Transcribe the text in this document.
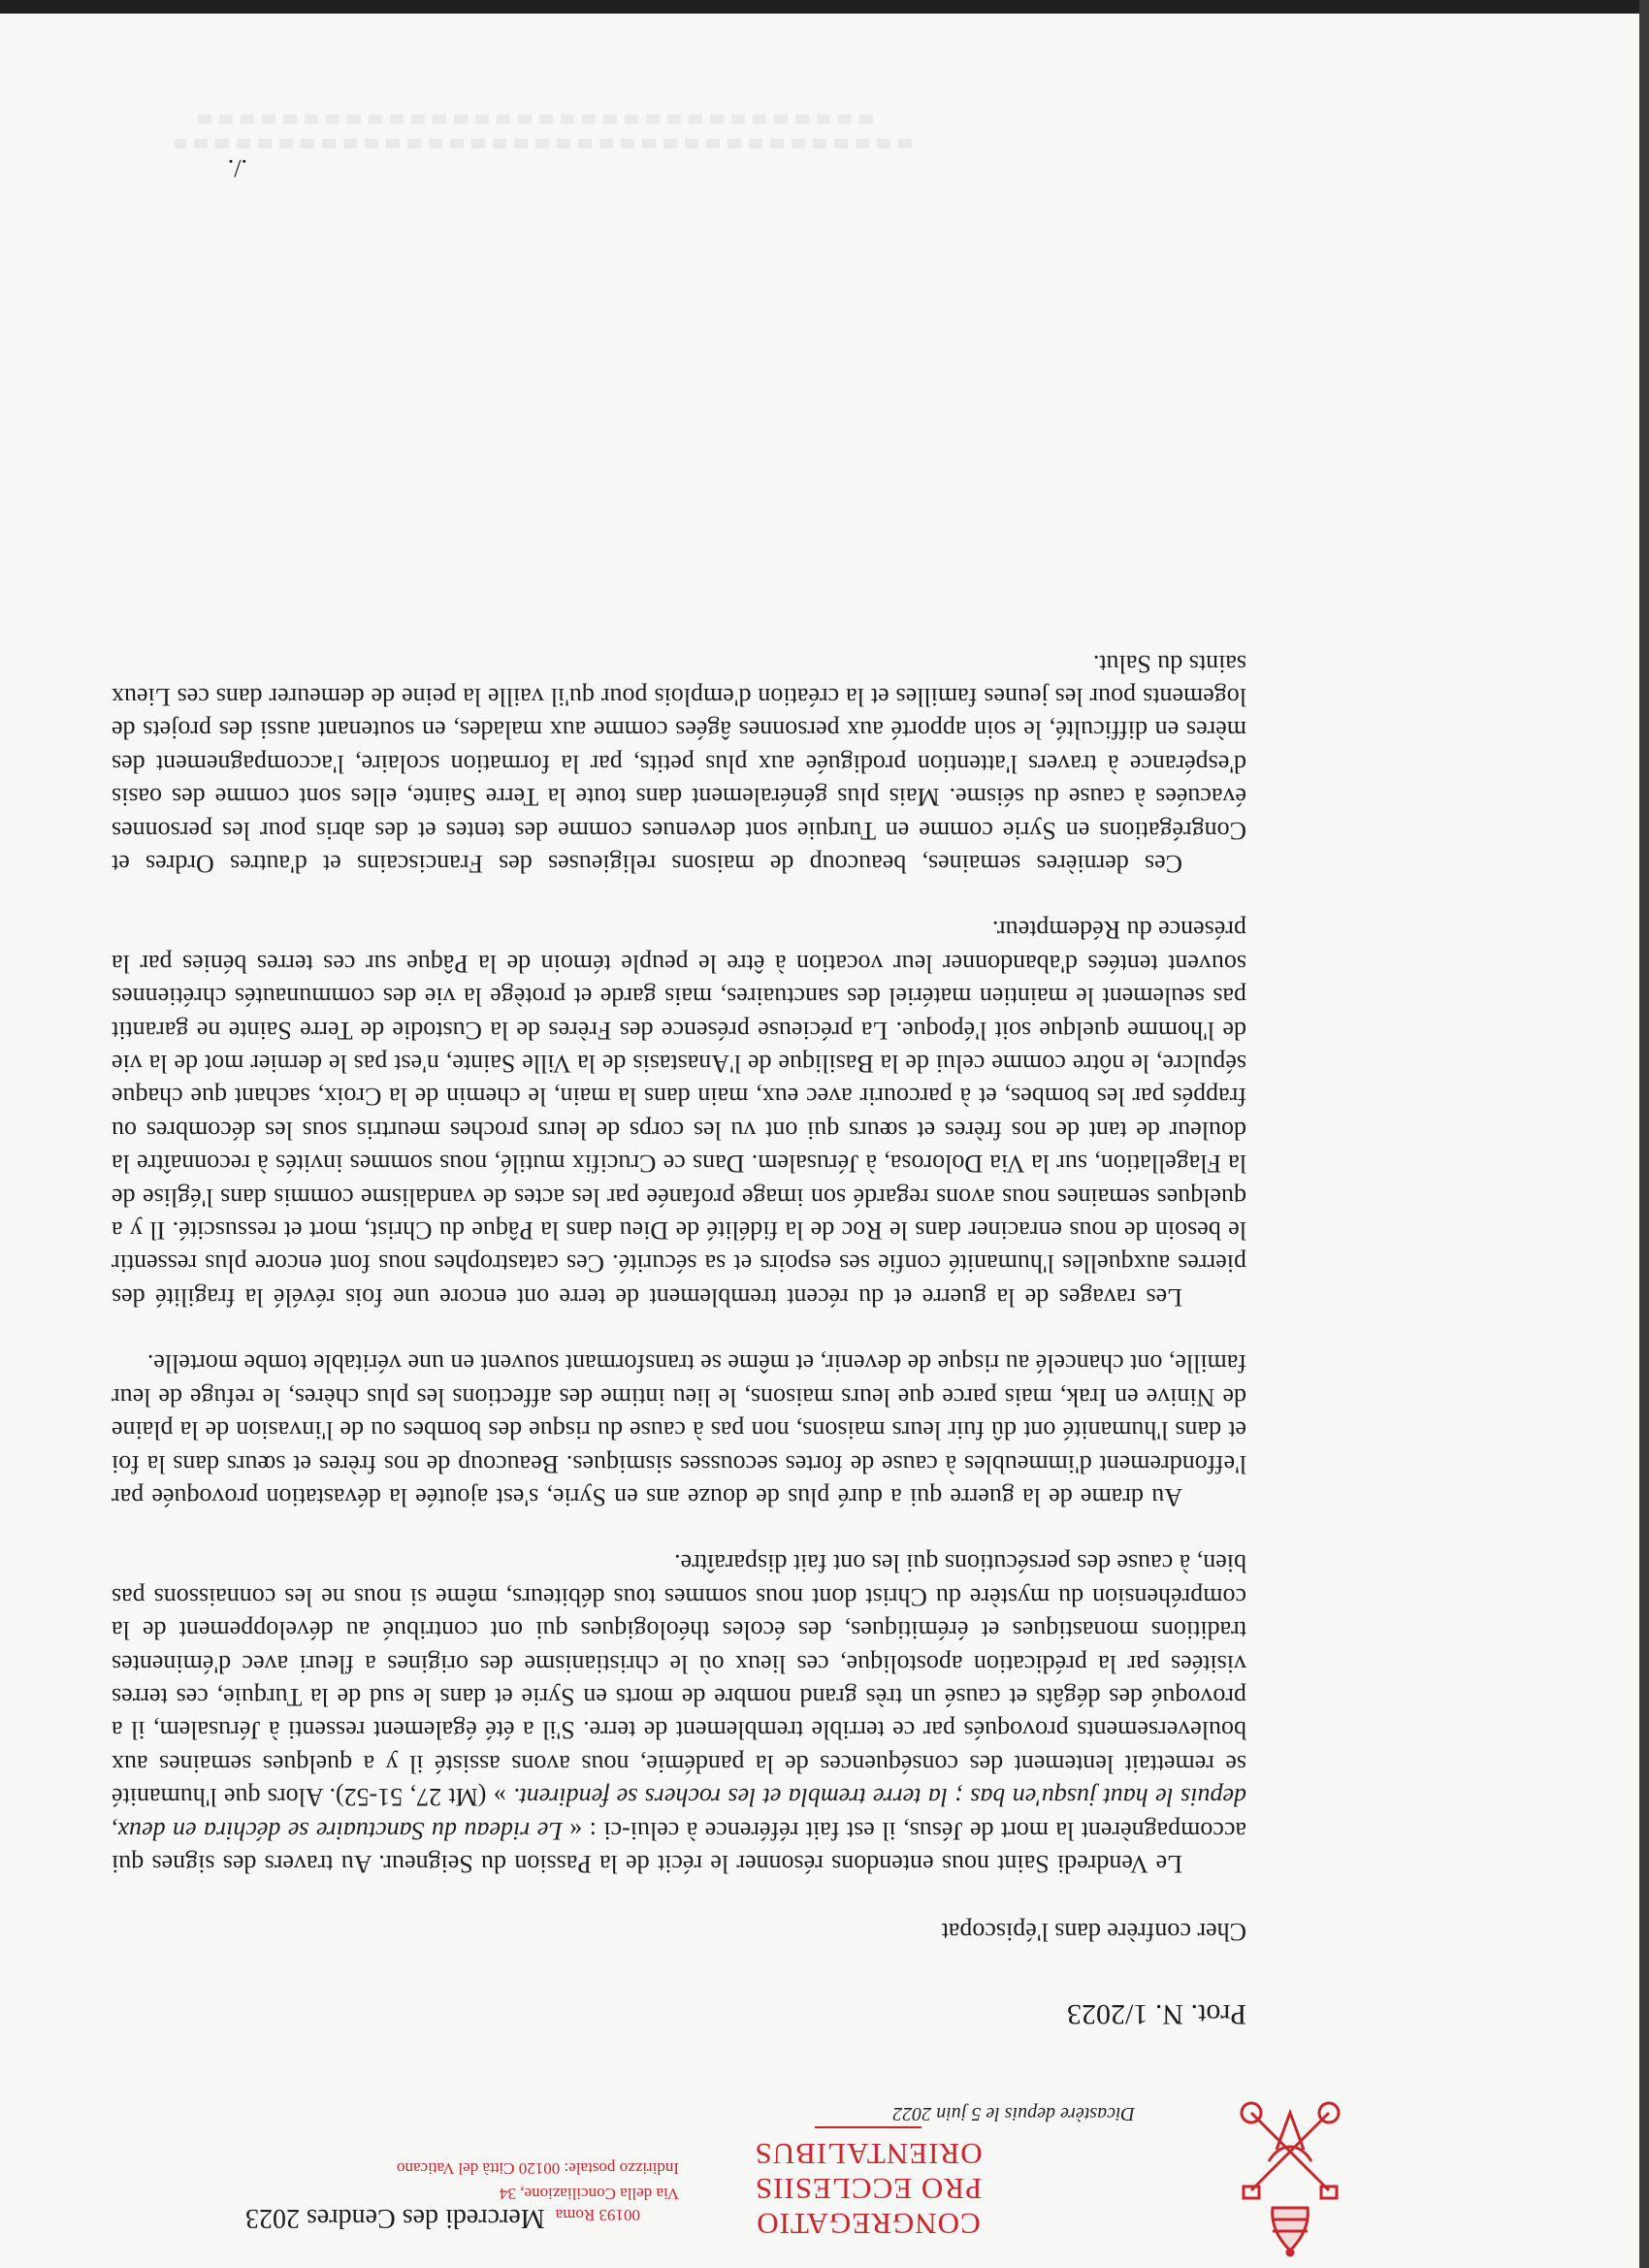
CONGREGATIO
PRO ECCLESIIS ORIENTALIBUS
Dicastère depuis le 5 juin 2022
00193 Roma Mercredi des Cendres 2023
Via della Conciliazione, 34
Indirizzo postale: 00120 Città del Vaticano
Prot. N. 1/2023
Cher confrère dans l'épiscopat

Le Vendredi Saint nous entendons résonner le récit de la Passion du Seigneur. Au travers des signes qui accompagnèrent la mort de Jésus, il est fait référence à celui-ci : « Le rideau du Sanctuaire se déchira en deux, depuis le haut jusqu'en bas ; la terre trembla et les rochers se fendirent. » (Mt 27, 51-52). Alors que l'humanité se remettait lentement des conséquences de la pandémie, nous avons assisté il y a quelques semaines aux bouleversements provoqués par ce terrible tremblement de terre. S'il a été également ressenti à Jérusalem, il a provoqué des dégâts et causé un très grand nombre de morts en Syrie et dans le sud de la Turquie, ces terres visitées par la prédication apostolique, ces lieux où le christianisme des origines a fleuri avec d'éminentes traditions monastiques et érémitiques, des écoles théologiques qui ont contribué au développement de la compréhension du mystère du Christ dont nous sommes tous débiteurs, même si nous ne les connaissons pas bien, à cause des persécutions qui les ont fait disparaître.

Au drame de la guerre qui a duré plus de douze ans en Syrie, s'est ajoutée la dévastation provoquée par l'effondrement d'immeubles à cause de fortes secousses sismiques. Beaucoup de nos frères et sœurs dans la foi et dans l'humanité ont dû fuir leurs maisons, non pas à cause du risque des bombes ou de l'invasion de la plaine de Ninive en Irak, mais parce que leurs maisons, le lieu intime des affections les plus chères, le refuge de leur famille, ont chancelé au risque de devenir, et même se transformant souvent en une véritable tombe mortelle.

Les ravages de la guerre et du récent tremblement de terre ont encore une fois révélé la fragilité des pierres auxquelles l'humanité confie ses espoirs et sa sécurité. Ces catastrophes nous font encore plus ressentir le besoin de nous enraciner dans le Roc de la fidélité de Dieu dans la Pâque du Christ, mort et ressuscité. Il y a quelques semaines nous avons regardé son image profanée par les actes de vandalisme commis dans l'église de la Flagellation, sur la Via Dolorosa, à Jérusalem. Dans ce Crucifix mutilé, nous sommes invités à reconnaître la douleur de tant de nos frères et sœurs qui ont vu les corps de leurs proches meurtris sous les décombres ou frappés par les bombes, et à parcourir avec eux, main dans la main, le chemin de la Croix, sachant que chaque sépulcre, le nôtre comme celui de la Basilique de l'Anastasis de la Ville Sainte, n'est pas le dernier mot de la vie de l'homme quelque soit l'époque. La précieuse présence des Frères de la Custodie de Terre Sainte ne garantit pas seulement le maintien matériel des sanctuaires, mais garde et protège la vie des communautés chrétiennes souvent tentées d'abandonner leur vocation à être le peuple témoin de la Pâque sur ces terres bénies par la présence du Rédempteur.

Ces dernières semaines, beaucoup de maisons religieuses des Franciscains et d'autres Ordres et Congrégations en Syrie comme en Turquie sont devenues comme des tentes et des abris pour les personnes évacuées à cause du séisme. Mais plus généralement dans toute la Terre Sainte, elles sont comme des oasis d'espérance à travers l'attention prodiguée aux plus petits, par la formation scolaire, l'accompagnement des mères en difficulté, le soin apporté aux personnes âgées comme aux malades, en soutenant aussi des projets de logements pour les jeunes familles et la création d'emplois pour qu'il vaille la peine de demeurer dans ces Lieux saints du Salut.

./.
